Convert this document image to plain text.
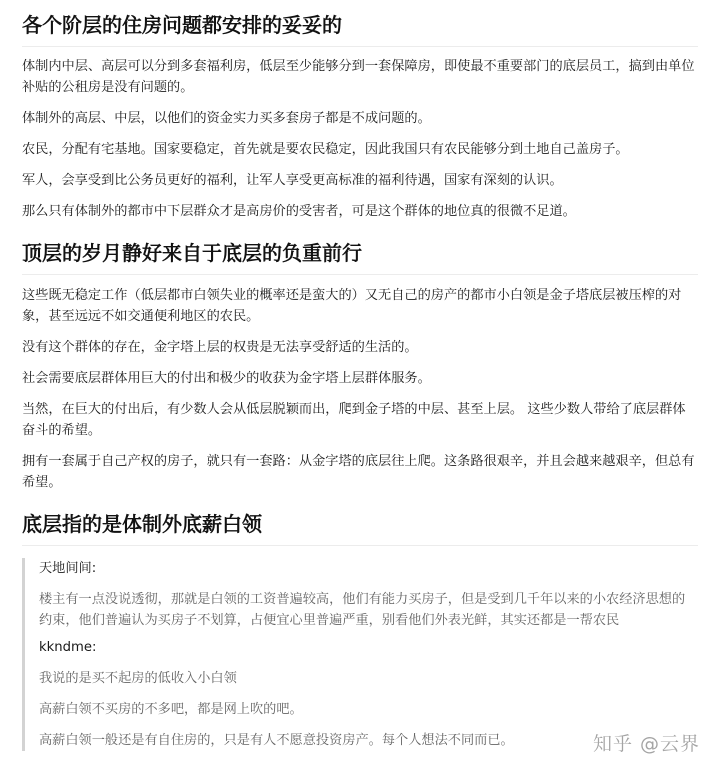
各个阶层的住房问题都安排的妥妥的

体制内中层、高层可以分到多套福利房，低层至少能够分到一套保障房，即使最不重要部门的底层员工，搞到由单位补贴的公租房是没有问题的。

体制外的高层、中层，以他们的资金实力买多套房子都是不成问题的。

农民，分配有宅基地。国家要稳定，首先就是要农民稳定，因此我国只有农民能够分到土地自己盖房子。

军人，会享受到比公务员更好的福利，让军人享受更高标准的福利待遇，国家有深刻的认识。

那么只有体制外的都市中下层群众才是高房价的受害者，可是这个群体的地位真的很微不足道。

顶层的岁月静好来自于底层的负重前行

这些既无稳定工作（低层都市白领失业的概率还是蛮大的）又无自己的房产的都市小白领是金子塔底层被压榨的对象，甚至远远不如交通便利地区的农民。

没有这个群体的存在，金字塔上层的权贵是无法享受舒适的生活的。

社会需要底层群体用巨大的付出和极少的收获为金字塔上层群体服务。

当然，在巨大的付出后，有少数人会从低层脱颖而出，爬到金子塔的中层、甚至上层。 这些少数人带给了底层群体奋斗的希望。

拥有一套属于自己产权的房子，就只有一套路：从金字塔的底层往上爬。这条路很艰辛，并且会越来越艰辛，但总有希望。

底层指的是体制外底薪白领

天地间间:

楼主有一点没说透彻，那就是白领的工资普遍较高，他们有能力买房子，但是受到几千年以来的小农经济思想的约束，他们普遍认为买房子不划算，占便宜心里普遍严重，别看他们外表光鲜，其实还都是一帮农民

kkndme:

我说的是买不起房的低收入小白领

高薪白领不买房的不多吧，都是网上吹的吧。

高薪白领一般还是有自住房的，只是有人不愿意投资房产。每个人想法不同而已。	知乎 @云界
